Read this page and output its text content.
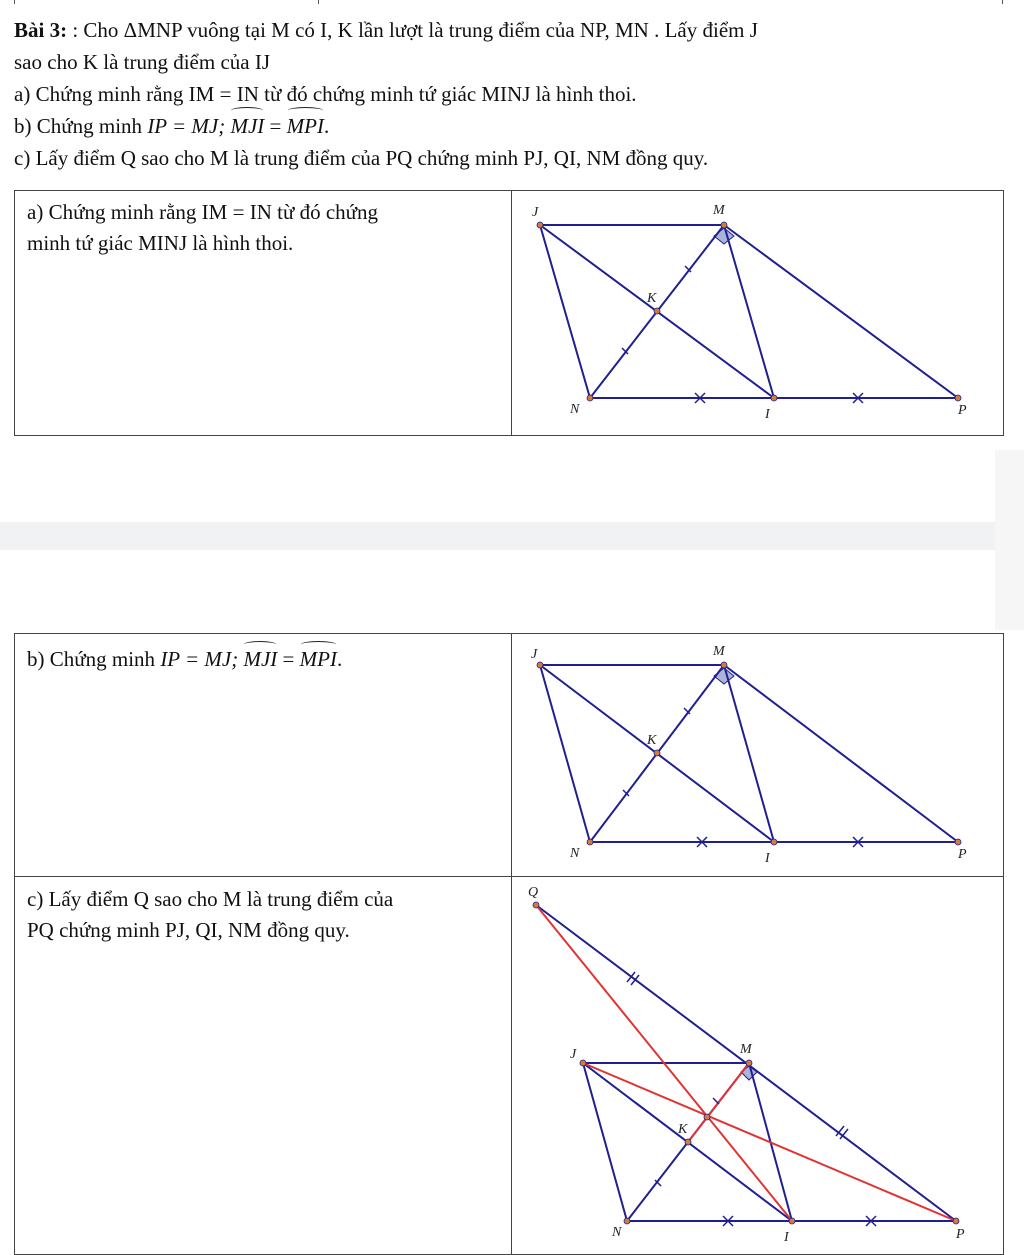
Bài 3: : Cho ΔMNP vuông tại M có I, K lần lượt là trung điểm của NP, MN . Lấy điểm J

sao cho K là trung điểm của IJ

a) Chứng minh rằng IM = IN từ đó chứng minh tứ giác MINJ là hình thoi.

b) Chứng minh IP = MJ; MJI = MPI.

c) Lấy điểm Q sao cho M là trung điểm của PQ chứng minh PJ, QI, NM đồng quy.

a) Chứng minh rằng IM = IN từ đó chứng
minh tứ giác MINJ là hình thoi.
b) Chứng minh IP = MJ; MJI = MPI.
c) Lấy điểm Q sao cho M là trung điểm của
PQ chứng minh PJ, QI, NM đồng quy.
J	M
K
N	I	P
J	M
K
N	I	P
Q
J	M
K
N	I	P
